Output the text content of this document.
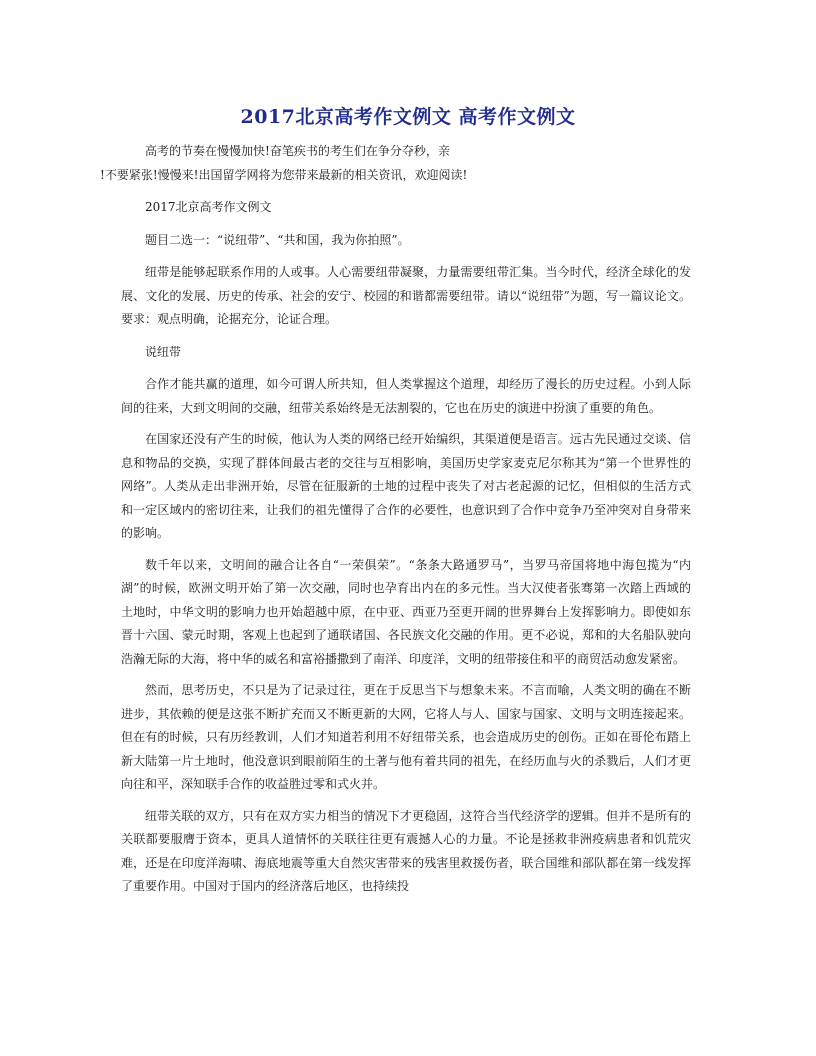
2017北京高考作文例文 高考作文例文

高考的节奏在慢慢加快!奋笔疾书的考生们在争分夺秒，亲

!不要紧张!慢慢来!出国留学网将为您带来最新的相关资讯，欢迎阅读!

2017北京高考作文例文

题目二选一：“说纽带”、“共和国，我为你拍照”。

纽带是能够起联系作用的人或事。人心需要纽带凝聚，力量需要纽带汇集。当今时代，经济全球化的发展、文化的发展、历史的传承、社会的安宁、校园的和谐都需要纽带。请以“说纽带”为题，写一篇议论文。要求：观点明确，论据充分，论证合理。

说纽带

合作才能共赢的道理，如今可谓人所共知，但人类掌握这个道理，却经历了漫长的历史过程。小到人际间的往来，大到文明间的交融，纽带关系始终是无法割裂的，它也在历史的演进中扮演了重要的角色。

在国家还没有产生的时候，他认为人类的网络已经开始编织，其渠道便是语言。远古先民通过交谈、信息和物品的交换，实现了群体间最古老的交往与互相影响，美国历史学家麦克尼尔称其为“第一个世界性的网络”。人类从走出非洲开始，尽管在征服新的土地的过程中丧失了对古老起源的记忆，但相似的生活方式和一定区域内的密切往来，让我们的祖先懂得了合作的必要性，也意识到了合作中竞争乃至冲突对自身带来的影响。

数千年以来，文明间的融合让各自“一荣俱荣”。“条条大路通罗马”，当罗马帝国将地中海包揽为“内湖”的时候，欧洲文明开始了第一次交融，同时也孕育出内在的多元性。当大汉使者张骞第一次踏上西域的土地时，中华文明的影响力也开始超越中原，在中亚、西亚乃至更开阔的世界舞台上发挥影响力。即使如东晋十六国、蒙元时期，客观上也起到了通联诸国、各民族文化交融的作用。更不必说，郑和的大名船队驶向浩瀚无际的大海，将中华的威名和富裕播撒到了南洋、印度洋，文明的纽带接住和平的商贸活动愈发紧密。

然而，思考历史，不只是为了记录过往，更在于反思当下与想象未来。不言而喻，人类文明的确在不断进步，其依赖的便是这张不断扩充而又不断更新的大网，它将人与人、国家与国家、文明与文明连接起来。但在有的时候，只有历经教训，人们才知道若利用不好纽带关系，也会造成历史的创伤。正如在哥伦布踏上新大陆第一片土地时，他没意识到眼前陌生的土著与他有着共同的祖先，在经历血与火的杀戮后，人们才更向往和平，深知联手合作的收益胜过零和式火并。

纽带关联的双方，只有在双方实力相当的情况下才更稳固，这符合当代经济学的逻辑。但并不是所有的关联都要服膺于资本，更具人道情怀的关联往往更有震撼人心的力量。不论是拯救非洲疫病患者和饥荒灾难，还是在印度洋海啸、海底地震等重大自然灾害带来的残害里救援伤者，联合国维和部队都在第一线发挥了重要作用。中国对于国内的经济落后地区，也持续投
